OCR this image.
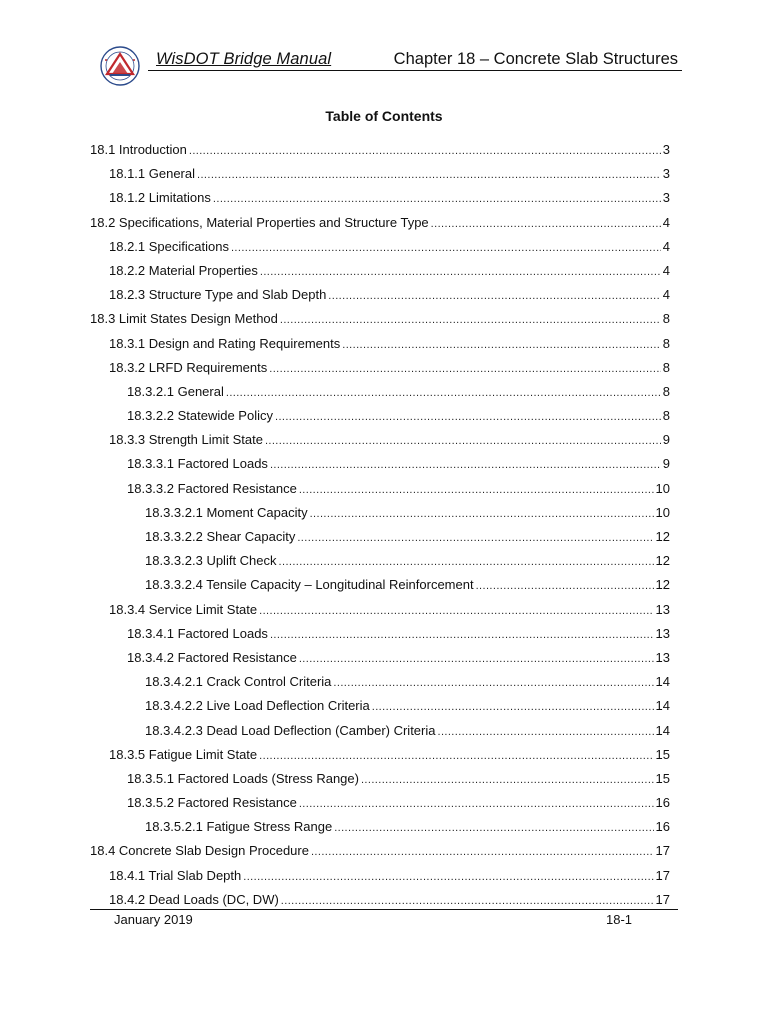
WisDOT Bridge Manual	Chapter 18 – Concrete Slab Structures
Table of Contents
18.1 Introduction .....	3
18.1.1 General .....	3
18.1.2 Limitations .....	3
18.2 Specifications, Material Properties and Structure Type .....	4
18.2.1 Specifications .....	4
18.2.2 Material Properties .....	4
18.2.3 Structure Type and Slab Depth .....	4
18.3 Limit States Design Method .....	8
18.3.1 Design and Rating Requirements .....	8
18.3.2 LRFD Requirements .....	8
18.3.2.1 General .....	8
18.3.2.2 Statewide Policy .....	8
18.3.3 Strength Limit State .....	9
18.3.3.1 Factored Loads .....	9
18.3.3.2 Factored Resistance .....	10
18.3.3.2.1 Moment Capacity .....	10
18.3.3.2.2 Shear Capacity .....	12
18.3.3.2.3 Uplift Check .....	12
18.3.3.2.4 Tensile Capacity – Longitudinal Reinforcement .....	12
18.3.4 Service Limit State .....	13
18.3.4.1 Factored Loads .....	13
18.3.4.2 Factored Resistance .....	13
18.3.4.2.1 Crack Control Criteria .....	14
18.3.4.2.2 Live Load Deflection Criteria .....	14
18.3.4.2.3 Dead Load Deflection (Camber) Criteria .....	14
18.3.5 Fatigue Limit State .....	15
18.3.5.1 Factored Loads (Stress Range) .....	15
18.3.5.2 Factored Resistance .....	16
18.3.5.2.1 Fatigue Stress Range .....	16
18.4 Concrete Slab Design Procedure .....	17
18.4.1 Trial Slab Depth .....	17
18.4.2 Dead Loads (DC, DW) .....	17
January 2019	18-1
